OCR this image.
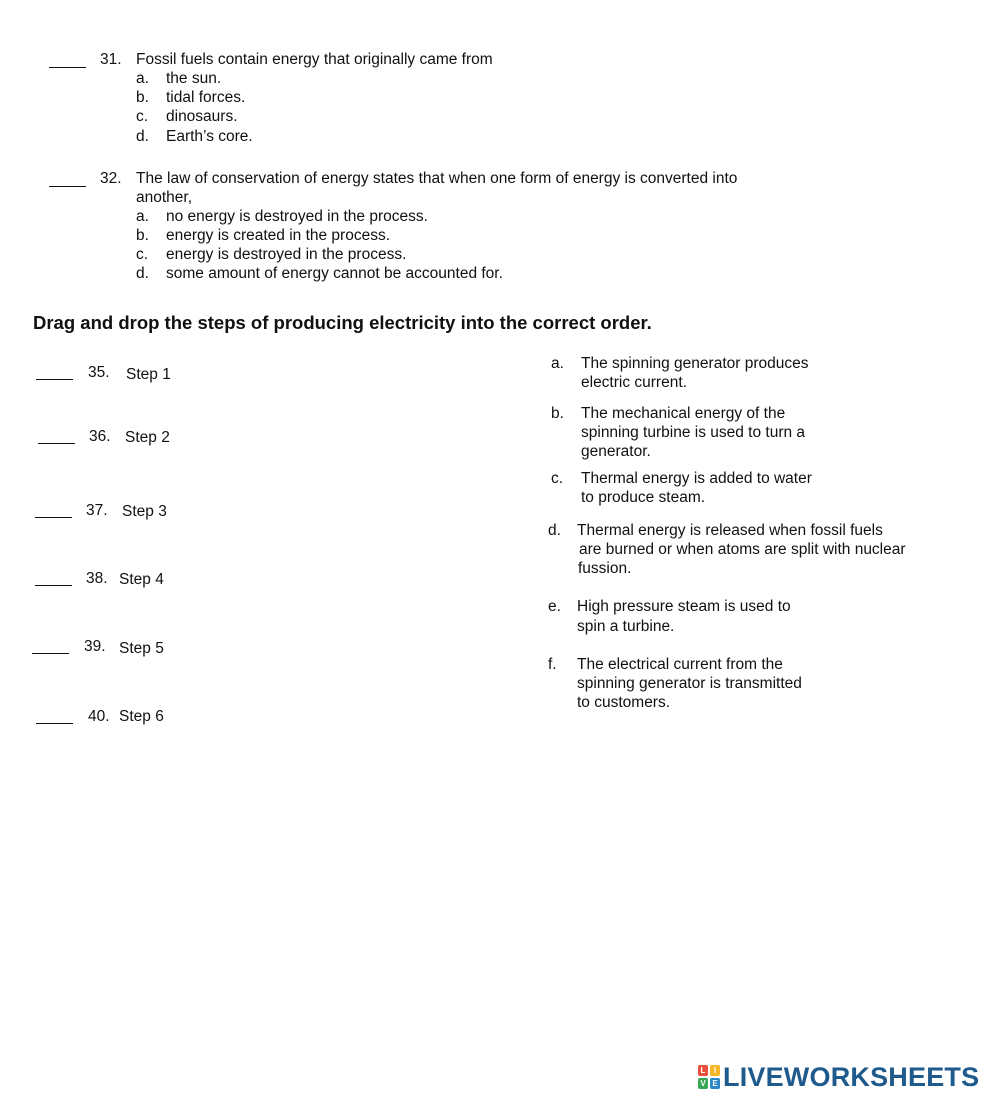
31. Fossil fuels contain energy that originally came from
a. the sun.
b. tidal forces.
c. dinosaurs.
d. Earth’s core.
32. The law of conservation of energy states that when one form of energy is converted into
another,
a. no energy is destroyed in the process.
b. energy is created in the process.
c. energy is destroyed in the process.
d. some amount of energy cannot be accounted for.
Drag and drop the steps of producing electricity into the correct order.
35. Step 1
36. Step 2
37. Step 3
38. Step 4
39. Step 5
40. Step 6
a. The spinning generator produces
electric current.
b. The mechanical energy of the
spinning turbine is used to turn a
generator.
c. Thermal energy is added to water
to produce steam.
d. Thermal energy is released when fossil fuels
are burned or when atoms are split with nuclear
fussion.
e. High pressure steam is used to
spin a turbine.
f. The electrical current from the
spinning generator is transmitted
to customers.
L	I
V E LIVEWORKSHEETS
